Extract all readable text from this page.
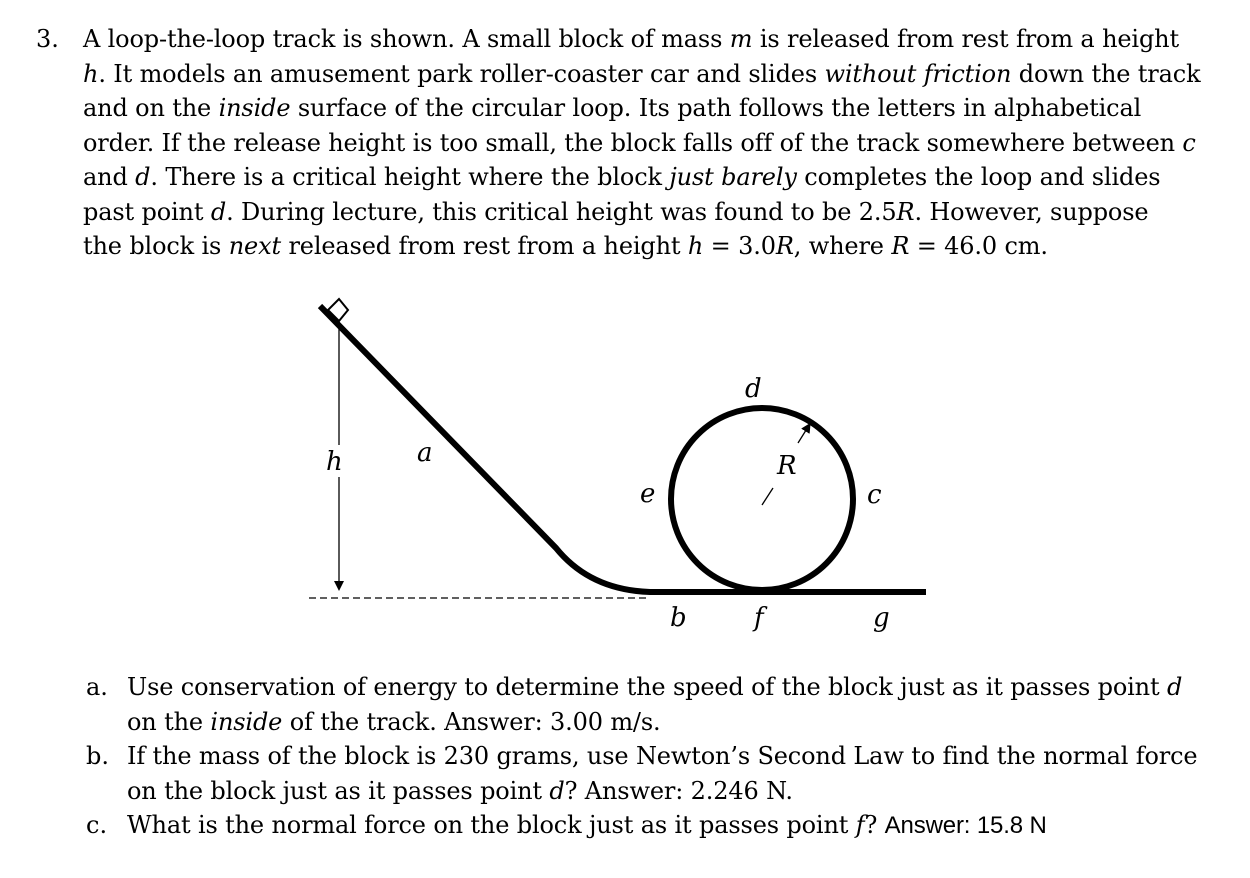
3. A loop-the-loop track is shown. A small block of mass m is released from rest from a height
h. It models an amusement park roller-coaster car and slides without friction down the track
and on the inside surface of the circular loop. Its path follows the letters in alphabetical
order. If the release height is too small, the block falls off of the track somewhere between c
and d. There is a critical height where the block just barely completes the loop and slides
past point d. During lecture, this critical height was found to be 2.5R. However, suppose
the block is next released from rest from a height h = 3.0R, where R = 46.0 cm.
h	a
e
d
R
c
b	f	g
a. Use conservation of energy to determine the speed of the block just as it passes point d
on the inside of the track. Answer: 3.00 m/s.
b. If the mass of the block is 230 grams, use Newton’s Second Law to find the normal force
on the block just as it passes point d? Answer: 2.246 N.
c. What is the normal force on the block just as it passes point f? Answer: 15.8 N
